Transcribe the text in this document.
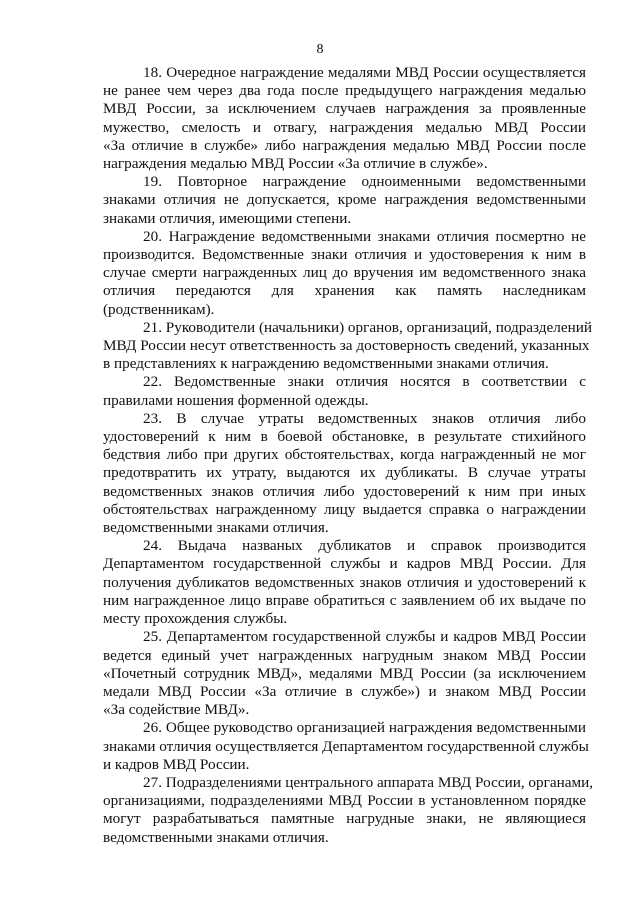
8
18. Очередное награждение медалями МВД России осуществляется
не ранее чем через два года после предыдущего награждения медалью
МВД России, за исключением случаев награждения за проявленные
мужество, смелость и отвагу, награждения медалью МВД России
«За отличие в службе» либо награждения медалью МВД России после
награждения медалью МВД России «За отличие в службе».
19. Повторное награждение одноименными ведомственными
знаками отличия не допускается, кроме награждения ведомственными
знаками отличия, имеющими степени.
20. Награждение ведомственными знаками отличия посмертно не
производится. Ведомственные знаки отличия и удостоверения к ним в
случае смерти награжденных лиц до вручения им ведомственного знака
отличия передаются для хранения как память наследникам
(родственникам).
21. Руководители (начальники) органов, организаций, подразделений
МВД России несут ответственность за достоверность сведений, указанных
в представлениях к награждению ведомственными знаками отличия.
22. Ведомственные знаки отличия носятся в соответствии с
правилами ношения форменной одежды.
23. В случае утраты ведомственных знаков отличия либо
удостоверений к ним в боевой обстановке, в результате стихийного
бедствия либо при других обстоятельствах, когда награжденный не мог
предотвратить их утрату, выдаются их дубликаты. В случае утраты
ведомственных знаков отличия либо удостоверений к ним при иных
обстоятельствах награжденному лицу выдается справка о награждении
ведомственными знаками отличия.
24. Выдача названых дубликатов и справок производится
Департаментом государственной службы и кадров МВД России. Для
получения дубликатов ведомственных знаков отличия и удостоверений к
ним награжденное лицо вправе обратиться с заявлением об их выдаче по
месту прохождения службы.
25. Департаментом государственной службы и кадров МВД России
ведется единый учет награжденных нагрудным знаком МВД России
«Почетный сотрудник МВД», медалями МВД России (за исключением
медали МВД России «За отличие в службе») и знаком МВД России
«За содействие МВД».
26. Общее руководство организацией награждения ведомственными
знаками отличия осуществляется Департаментом государственной службы
и кадров МВД России.
27. Подразделениями центрального аппарата МВД России, органами,
организациями, подразделениями МВД России в установленном порядке
могут разрабатываться памятные нагрудные знаки, не являющиеся
ведомственными знаками отличия.
